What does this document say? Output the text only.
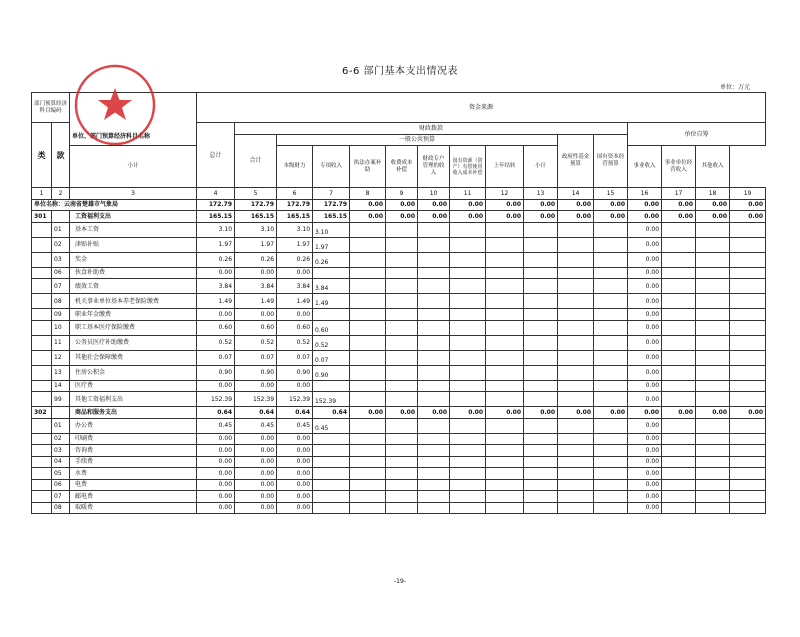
6-6 部门基本支出情况表
单位：万元
部门预算经济科目编码		单位、部门预算经济科目名称	资金来源															
类	款		总计	财政拨款											单位自筹			
				合计	一般公共预算								政府性基金预算	国有资本经营预算				
		小计			本级财力	专项收入	执法办案补助	收费成本补偿	财政专户管理的收入	国有资源（资产）有偿使用收入成本补偿	上年结转	小计			事业收入	事业单位经营收入	其他收入	
1	2	3	4	5	6	7	8	9	10	11	12	13	14	15	16	17	18	19
单位名称：云南省楚雄市气象局			172.79	172.79	172.79	172.79	0.00	0.00	0.00	0.00	0.00	0.00	0.00	0.00	0.00	0.00	0.00	0.00
301		工资福利支出	165.15	165.15	165.15	165.15	0.00	0.00	0.00	0.00	0.00	0.00	0.00	0.00	0.00	0.00	0.00	0.00
	01	基本工资	3.10	3.10	3.10	3.10									0.00			
	02	津贴补贴	1.97	1.97	1.97	1.97									0.00			
	03	奖金	0.26	0.26	0.26	0.26									0.00			
	06	伙食补助费	0.00	0.00	0.00										0.00			
	07	绩效工资	3.84	3.84	3.84	3.84									0.00			
	08	机关事业单位基本养老保险缴费	1.49	1.49	1.49	1.49									0.00			
	09	职业年金缴费	0.00	0.00	0.00										0.00			
	10	职工基本医疗保险缴费	0.60	0.60	0.60	0.60									0.00			
	11	公务员医疗补助缴费	0.52	0.52	0.52	0.52									0.00			
	12	其他社会保障缴费	0.07	0.07	0.07	0.07									0.00			
	13	住房公积金	0.90	0.90	0.90	0.90									0.00			
	14	医疗费	0.00	0.00	0.00										0.00			
	99	其他工资福利支出	152.39	152.39	152.39	152.39									0.00			
302		商品和服务支出	0.64	0.64	0.64	0.64	0.00	0.00	0.00	0.00	0.00	0.00	0.00	0.00	0.00	0.00	0.00	0.00
	01	办公费	0.45	0.45	0.45	0.45									0.00			
	02	印刷费	0.00	0.00	0.00										0.00			
	03	咨询费	0.00	0.00	0.00										0.00			
	04	手续费	0.00	0.00	0.00										0.00			
	05	水费	0.00	0.00	0.00										0.00			
	06	电费	0.00	0.00	0.00										0.00			
	07	邮电费	0.00	0.00	0.00										0.00			
	08	取暖费	0.00	0.00	0.00										0.00			
-19-
